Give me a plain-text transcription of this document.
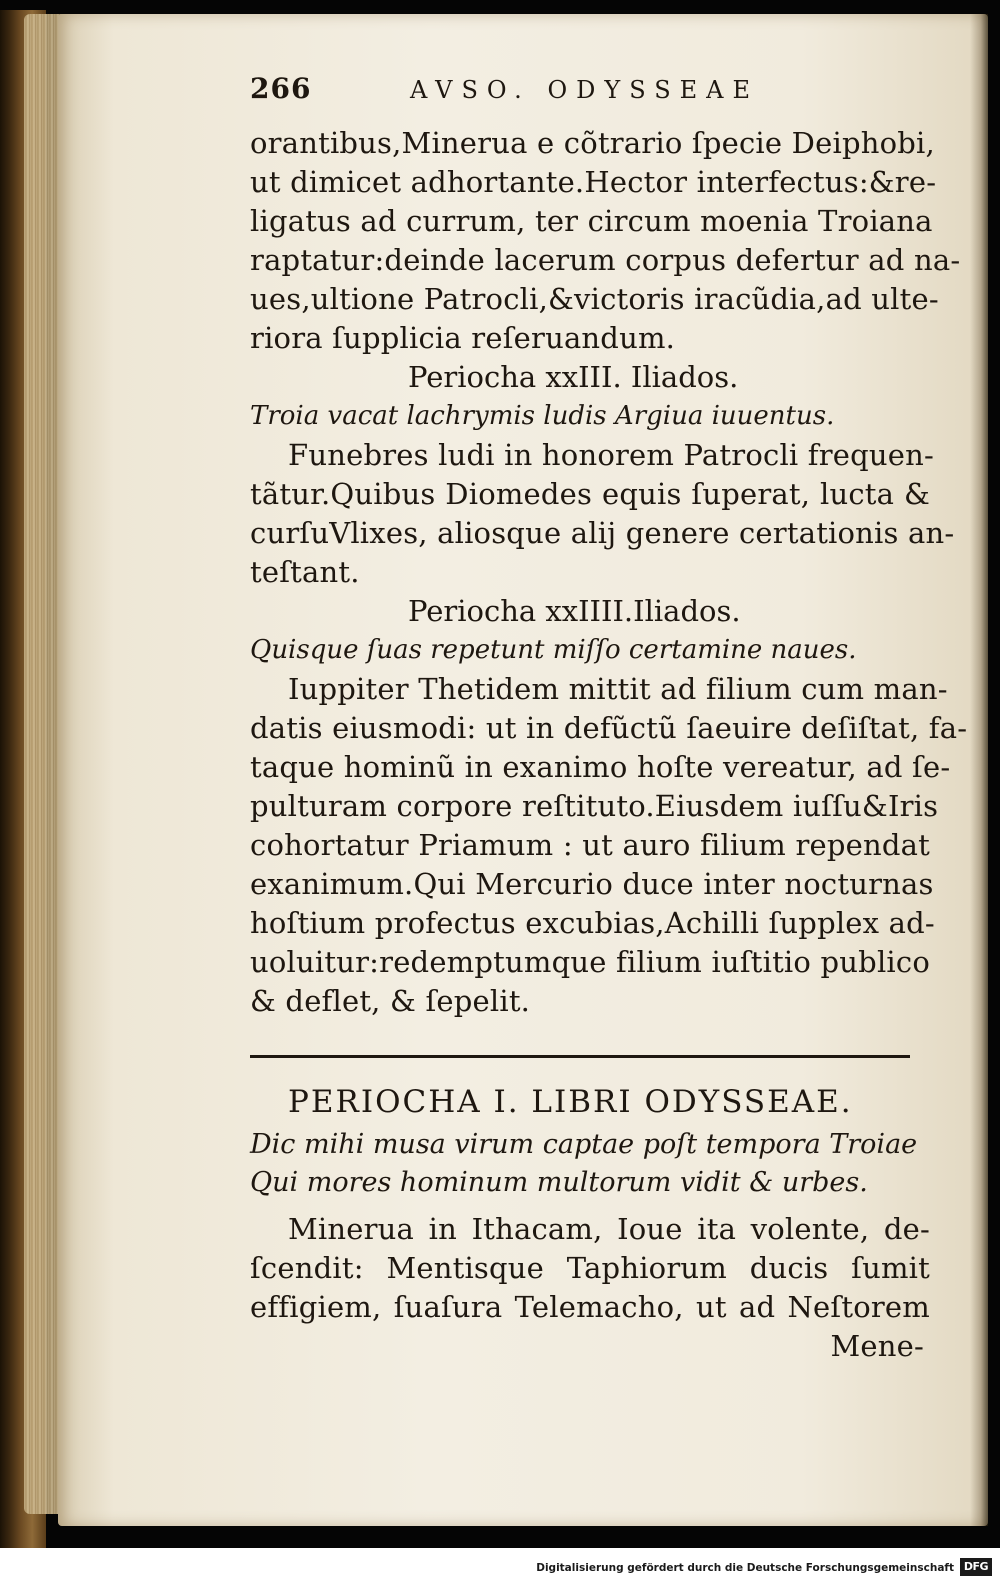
266	AVSO. ODYSSEAE
orantibus,Minerua e cõtrario ſpecie Deiphobi,
ut dimicet adhortante.Hector interfectus:&re-
ligatus ad currum, ter circum moenia Troiana
raptatur:deinde lacerum corpus defertur ad na-
ues,ultione Patrocli,&victoris iracũdia,ad ulte-
riora ſupplicia reſeruandum.
Periocha xxIII. Iliados.
Troia vacat lachrymis ludis Argiua iuuentus.
Funebres ludi in honorem Patrocli frequen-
tãtur.Quibus Diomedes equis ſuperat, lucta &
curſuVlixes, aliosque alij genere certationis an-
teſtant.
Periocha xxIIII.Iliados.
Quisque ſuas repetunt miſſo certamine naues.
Iuppiter Thetidem mittit ad filium cum man-
datis eiusmodi: ut in defũctũ ſaeuire deſiſtat, fa-
taque hominũ in exanimo hoſte vereatur, ad ſe-
pulturam corpore reſtituto.Eiusdem iuſſu&Iris
cohortatur Priamum : ut auro filium rependat
exanimum.Qui Mercurio duce inter nocturnas
hoſtium profectus excubias,Achilli ſupplex ad-
uoluitur:redemptumque filium iuſtitio publico
& deflet, & ſepelit.
PERIOCHA I. LIBRI ODYSSEAE.
Dic mihi musa virum captae poſt tempora Troiae
Qui mores hominum multorum vidit & urbes.
Minerua in Ithacam, Ioue ita volente, de-
ſcendit: Mentisque Taphiorum ducis ſumit
effigiem, ſuaſura Telemacho, ut ad Neſtorem
Mene-
Digitalisierung gefördert durch die Deutsche Forschungsgemeinschaft DFG
